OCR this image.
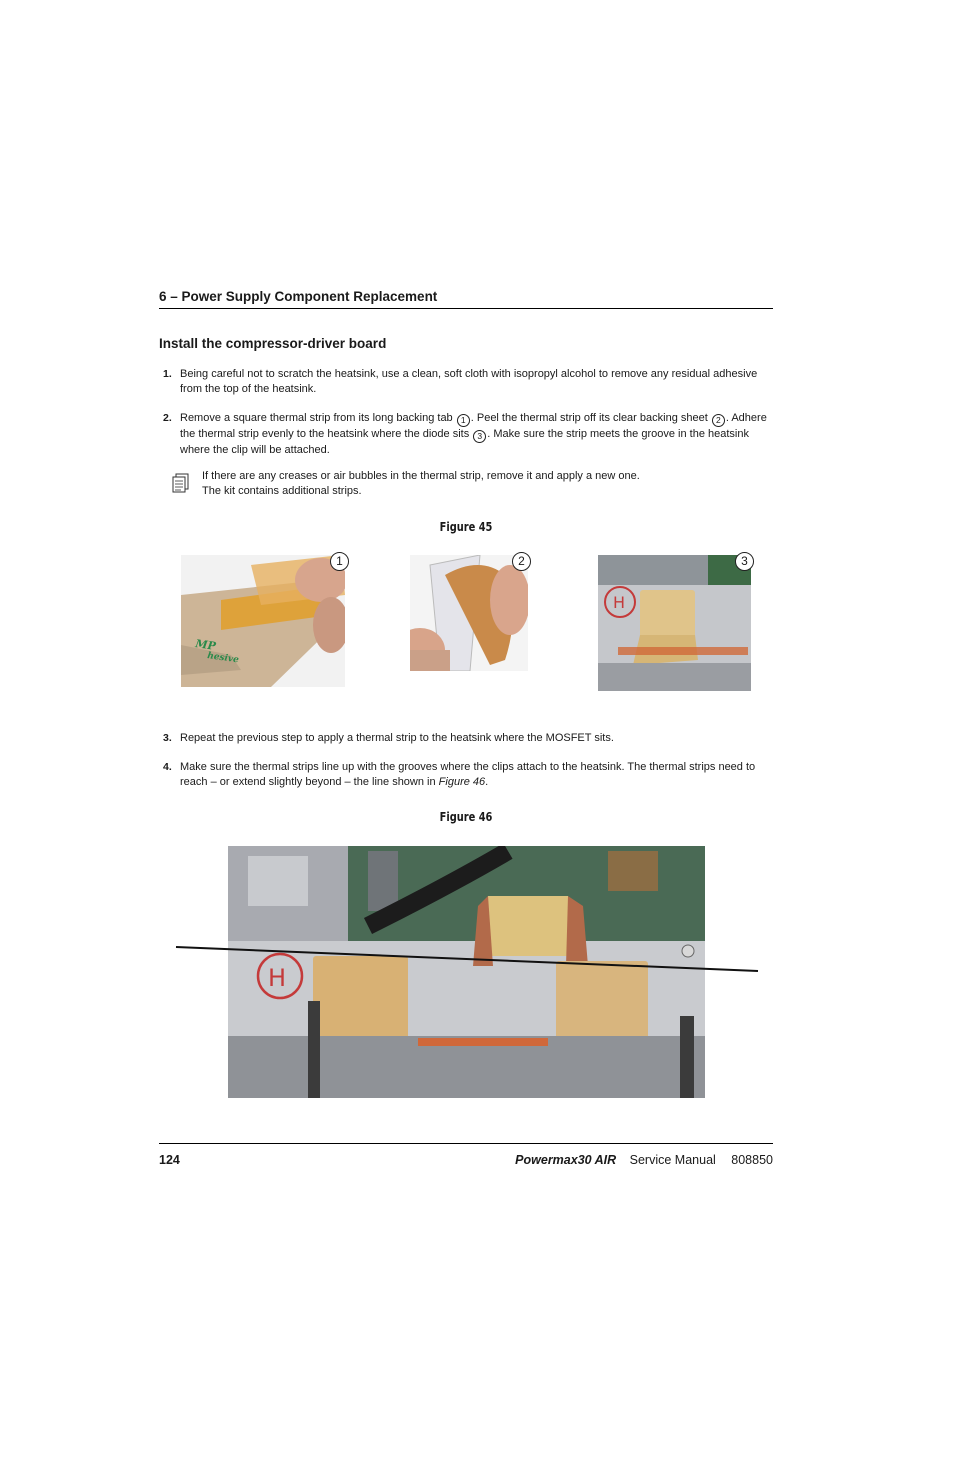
6 – Power Supply Component Replacement
Install the compressor-driver board
1. Being careful not to scratch the heatsink, use a clean, soft cloth with isopropyl alcohol to remove any residual adhesive from the top of the heatsink.
2. Remove a square thermal strip from its long backing tab 1 . Peel the thermal strip off its clear backing sheet 2 . Adhere the thermal strip evenly to the heatsink where the diode sits 3 . Make sure the strip meets the groove in the heatsink where the clip will be attached.
If there are any creases or air bubbles in the thermal strip, remove it and apply a new one.
The kit contains additional strips.
Figure 45
MP
hesive
1	2
H
3
3. Repeat the previous step to apply a thermal strip to the heatsink where the MOSFET sits.
4. Make sure the thermal strips line up with the grooves where the clips attach to the heatsink. The thermal strips need to reach – or extend slightly beyond – the line shown in Figure 46.
Figure 46
H
124	Powermax30 AIR Service Manual 808850
